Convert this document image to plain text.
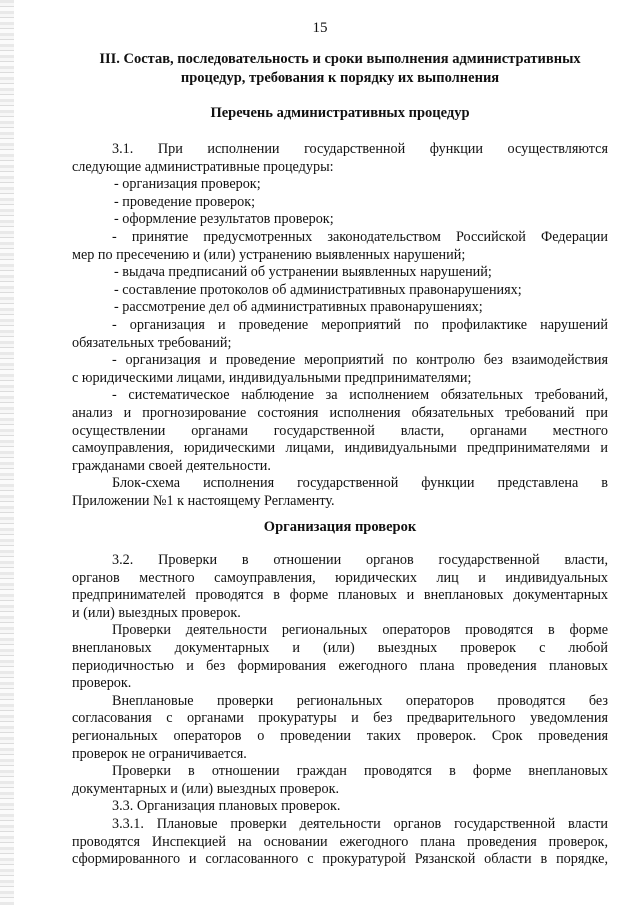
15
III. Состав, последовательность и сроки выполнения административных процедур, требования к порядку их выполнения
Перечень административных процедур

3.1. При исполнении государственной функции осуществляются

следующие административные процедуры:

- организация проверок;

- проведение проверок;

- оформление результатов проверок;

- принятие предусмотренных законодательством Российской Федерации

мер по пресечению и (или) устранению выявленных нарушений;

- выдача предписаний об устранении выявленных нарушений;

- составление протоколов об административных правонарушениях;

- рассмотрение дел об административных правонарушениях;

- организация и проведение мероприятий по профилактике нарушений

обязательных требований;

- организация и проведение мероприятий по контролю без взаимодействия

с юридическими лицами, индивидуальными предпринимателями;

- систематическое наблюдение за исполнением обязательных требований,

анализ и прогнозирование состояния исполнения обязательных требований при

осуществлении органами государственной власти, органами местного

самоуправления, юридическими лицами, индивидуальными предпринимателями и

гражданами своей деятельности.

Блок-схема исполнения государственной функции представлена в

Приложении №1 к настоящему Регламенту.

Организация проверок

3.2. Проверки в отношении органов государственной власти,

органов местного самоуправления, юридических лиц и индивидуальных

предпринимателей проводятся в форме плановых и внеплановых документарных

и (или) выездных проверок.

Проверки деятельности региональных операторов проводятся в форме

внеплановых документарных и (или) выездных проверок с любой

периодичностью и без формирования ежегодного плана проведения плановых

проверок.

Внеплановые проверки региональных операторов проводятся без

согласования с органами прокуратуры и без предварительного уведомления

региональных операторов о проведении таких проверок. Срок проведения

проверок не ограничивается.

Проверки в отношении граждан проводятся в форме внеплановых

документарных и (или) выездных проверок.

3.3. Организация плановых проверок.

3.3.1. Плановые проверки деятельности органов государственной власти

проводятся Инспекцией на основании ежегодного плана проведения проверок,

сформированного и согласованного с прокуратурой Рязанской области в порядке,
